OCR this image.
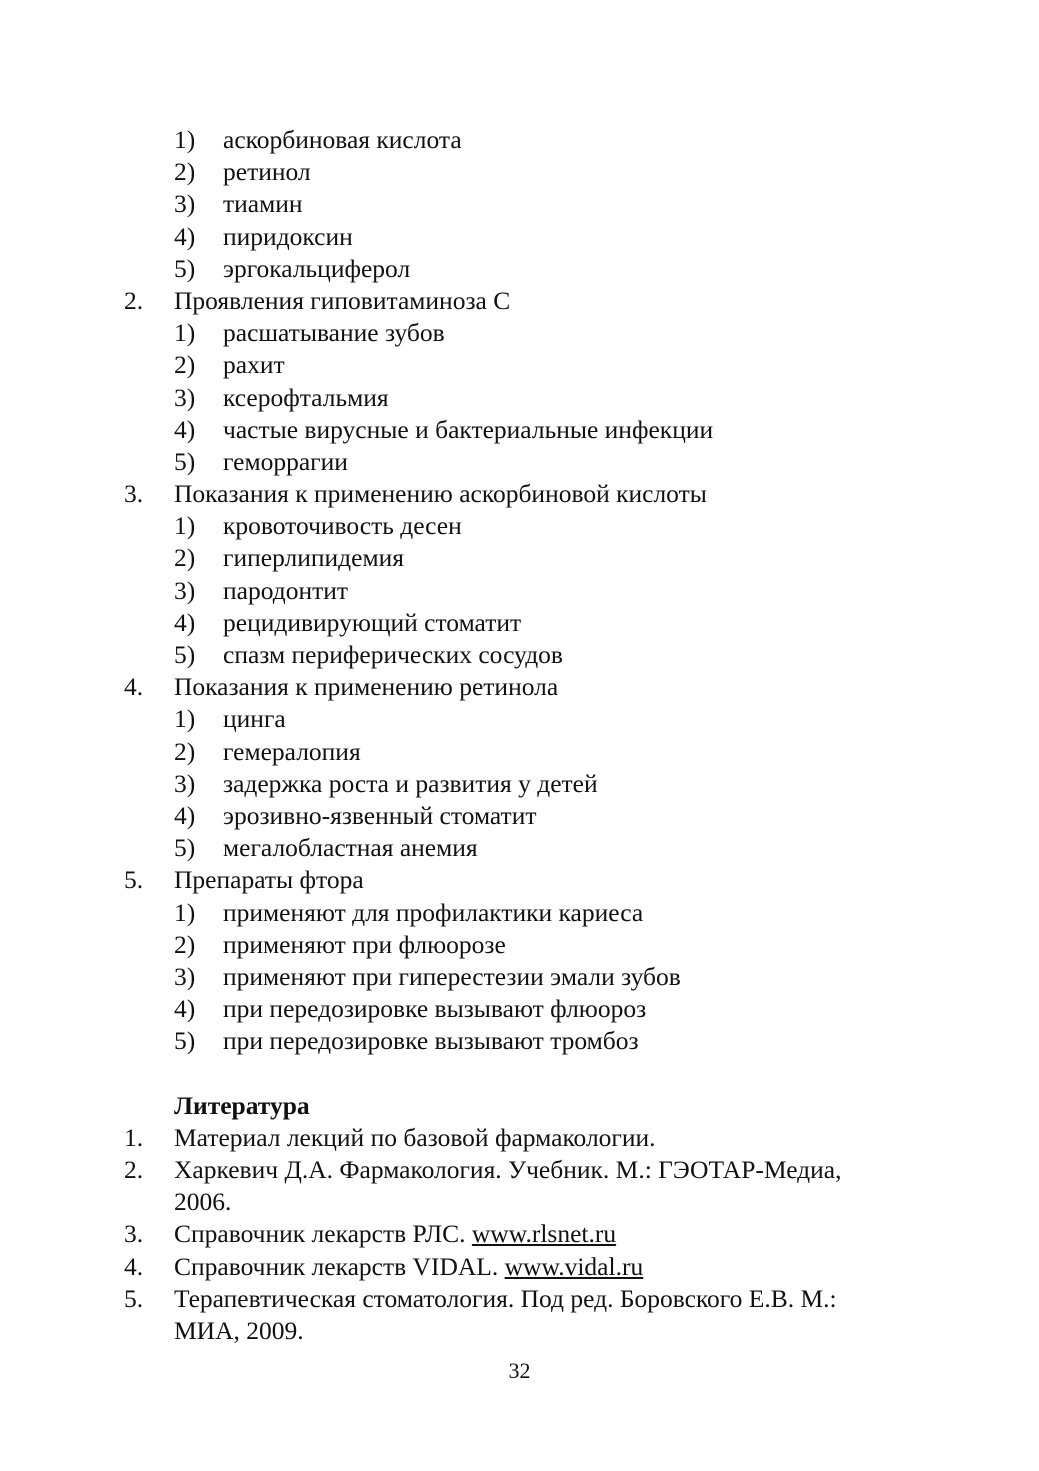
1) аскорбиновая кислота
2) ретинол
3) тиамин
4) пиридоксин
5) эргокальциферол
2. Проявления гиповитаминоза С
1) расшатывание зубов
2) рахит
3) ксерофтальмия
4) частые вирусные и бактериальные инфекции
5) геморрагии
3. Показания к применению аскорбиновой кислоты
1) кровоточивость десен
2) гиперлипидемия
3) пародонтит
4) рецидивирующий стоматит
5) спазм периферических сосудов
4. Показания к применению ретинола
1) цинга
2) гемералопия
3) задержка роста и развития у детей
4) эрозивно-язвенный стоматит
5) мегалобластная анемия
5. Препараты фтора
1) применяют для профилактики кариеса
2) применяют при флюорозе
3) применяют при гиперестезии эмали зубов
4) при передозировке вызывают флюороз
5) при передозировке вызывают тромбоз
Литература
1. Материал лекций по базовой фармакологии.
2. Харкевич Д.А. Фармакология. Учебник. М.: ГЭОТАР-Медиа,
2006.
3. Справочник лекарств РЛС. www.rlsnet.ru
4. Справочник лекарств VIDAL. www.vidal.ru
5. Терапевтическая стоматология. Под ред. Боровского Е.В. М.:
МИА, 2009.
32
